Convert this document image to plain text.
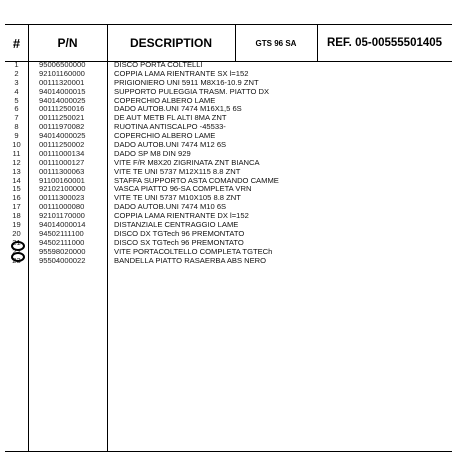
#	P/N	DESCRIPTION	GTS 96 SA	REF. 05-00555501405
1	95006500000	DISCO PORTA COLTELLI
2	92101160000	COPPIA LAMA RIENTRANTE SX l=152
3	00111320001	PRIGIONIERO UNI 5911 M8X16-10.9 ZNT
4	94014000015	SUPPORTO PULEGGIA TRASM. PIATTO DX
5	94014000025	COPERCHIO ALBERO LAME
6	00111250016	DADO AUTOB.UNI 7474 M16X1,5 6S
7	00111250021	DE AUT METB FL ALTI 8MA ZNT
8	00111970082	RUOTINA ANTISCALPO -45533-
9	94014000025	COPERCHIO ALBERO LAME
10	00111250002	DADO AUTOB.UNI 7474 M12 6S
11	00111000134	DADO SP M8 DIN 929
12	00111000127	VITE F/R M8X20 ZIGRINATA ZNT BIANCA
13	00111300063	VITE TE UNI 5737 M12X115 8.8 ZNT
14	91100160001	STAFFA SUPPORTO ASTA COMANDO CAMME
15	92102100000	VASCA PIATTO 96-SA COMPLETA VRN
16	00111300023	VITE TE UNI 5737 M10X105 8.8 ZNT
17	00111000080	DADO AUTOB.UNI 7474 M10 6S
18	92101170000	COPPIA LAMA RIENTRANTE DX l=152
19	94014000014	DISTANZIALE CENTRAGGIO LAME
20	94502111100	DISCO DX TGTech 96 PREMONTATO
21	94502111000	DISCO SX TGTech 96 PREMONTATO
22	95598020000	VITE PORTACOLTELLO COMPLETA TGTECh
23	95504000022	BANDELLA PIATTO RASAERBA ABS NERO
